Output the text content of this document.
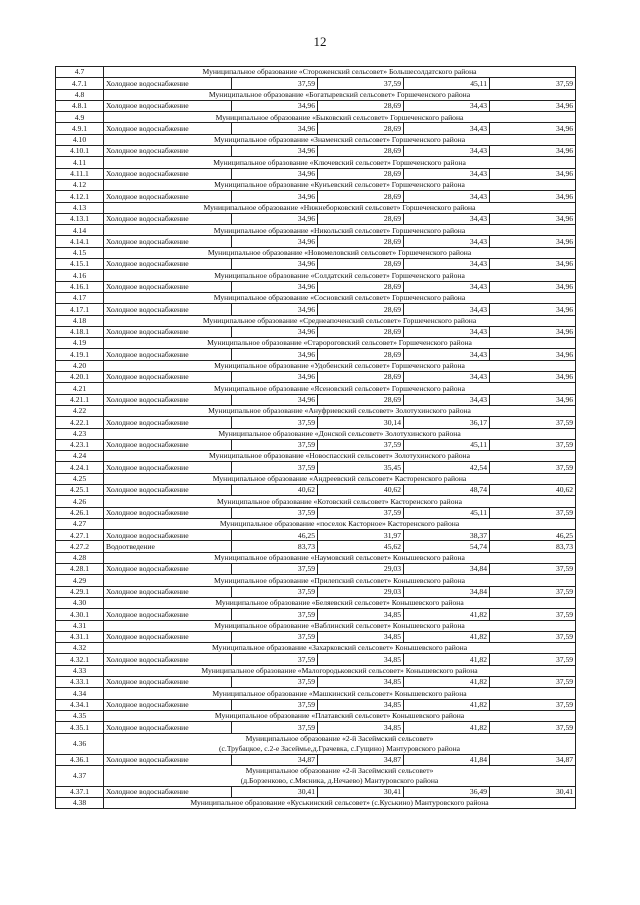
12
4.7	Муниципальное образование «Стороженский сельсовет» Большесолдатского района				
4.7.1	Холодное водоснабжение	37,59	37,59	45,11	37,59
4.8	Муниципальное образование «Богатыревский сельсовет» Горшеченского района				
4.8.1	Холодное водоснабжение	34,96	28,69	34,43	34,96
4.9	Муниципальное образование «Быковский сельсовет» Горшеченского района				
4.9.1	Холодное водоснабжение	34,96	28,69	34,43	34,96
4.10	Муниципальное образование «Знаменский сельсовет» Горшеченского района				
4.10.1	Холодное водоснабжение	34,96	28,69	34,43	34,96
4.11	Муниципальное образование «Ключевский сельсовет» Горшеченского района				
4.11.1	Холодное водоснабжение	34,96	28,69	34,43	34,96
4.12	Муниципальное образование «Кунъевский сельсовет» Горшеченского района				
4.12.1	Холодное водоснабжение	34,96	28,69	34,43	34,96
4.13	Муниципальное образование «Нижнеборковский сельсовет» Горшеченского района				
4.13.1	Холодное водоснабжение	34,96	28,69	34,43	34,96
4.14	Муниципальное образование «Никольский сельсовет» Горшеченского района				
4.14.1	Холодное водоснабжение	34,96	28,69	34,43	34,96
4.15	Муниципальное образование «Новомеловский сельсовет» Горшеченского района				
4.15.1	Холодное водоснабжение	34,96	28,69	34,43	34,96
4.16	Муниципальное образование «Солдатский сельсовет» Горшеченского района				
4.16.1	Холодное водоснабжение	34,96	28,69	34,43	34,96
4.17	Муниципальное образование «Сосновский сельсовет» Горшеченского района				
4.17.1	Холодное водоснабжение	34,96	28,69	34,43	34,96
4.18	Муниципальное образование «Среднеапоченский сельсовет» Горшеченского района				
4.18.1	Холодное водоснабжение	34,96	28,69	34,43	34,96
4.19	Муниципальное образование «Старороговский сельсовет» Горшеченского района				
4.19.1	Холодное водоснабжение	34,96	28,69	34,43	34,96
4.20	Муниципальное образование «Удобенский сельсовет» Горшеченского района				
4.20.1	Холодное водоснабжение	34,96	28,69	34,43	34,96
4.21	Муниципальное образование «Ясеновский сельсовет» Горшеченского района				
4.21.1	Холодное водоснабжение	34,96	28,69	34,43	34,96
4.22	Муниципальное образование «Ануфриевский сельсовет» Золотухинского района				
4.22.1	Холодное водоснабжение	37,59	30,14	36,17	37,59
4.23	Муниципальное образование «Донской сельсовет» Золотухинского района				
4.23.1	Холодное водоснабжение	37,59	37,59	45,11	37,59
4.24	Муниципальное образование «Новоспасский сельсовет» Золотухинского района				
4.24.1	Холодное водоснабжение	37,59	35,45	42,54	37,59
4.25	Муниципальное образование «Андреевский сельсовет» Касторенского района				
4.25.1	Холодное водоснабжение	40,62	40,62	48,74	40,62
4.26	Муниципальное образование «Котовский сельсовет» Касторенского района				
4.26.1	Холодное водоснабжение	37,59	37,59	45,11	37,59
4.27	Муниципальное образование «поселок Касторное» Касторенского района				
4.27.1	Холодное водоснабжение	46,25	31,97	38,37	46,25
4.27.2	Водоотведение	83,73	45,62	54,74	83,73
4.28	Муниципальное образование «Наумовский сельсовет» Конышевского района				
4.28.1	Холодное водоснабжение	37,59	29,03	34,84	37,59
4.29	Муниципальное образование «Прилепский сельсовет» Конышевского района				
4.29.1	Холодное водоснабжение	37,59	29,03	34,84	37,59
4.30	Муниципальное образование «Беляевский сельсовет» Конышевского района				
4.30.1	Холодное водоснабжение	37,59	34,85	41,82	37,59
4.31	Муниципальное образование «Ваблинский сельсовет» Конышевского района				
4.31.1	Холодное водоснабжение	37,59	34,85	41,82	37,59
4.32	Муниципальное образование «Захарковский сельсовет» Конышевского района				
4.32.1	Холодное водоснабжение	37,59	34,85	41,82	37,59
4.33	Муниципальное образование «Малогородьковский сельсовет» Конышевского района				
4.33.1	Холодное водоснабжение	37,59	34,85	41,82	37,59
4.34	Муниципальное образование «Машкинский сельсовет» Конышевского района				
4.34.1	Холодное водоснабжение	37,59	34,85	41,82	37,59
4.35	Муниципальное образование «Платавский сельсовет» Конышевского района				
4.35.1	Холодное водоснабжение	37,59	34,85	41,82	37,59
4.36	Муниципальное образование «2-й Засеймский сельсовет»
(с.Трубацкое, с.2-е Засеймье,д.Грачевка, с.Гущино) Мантуровского района				

4.36.1	Холодное водоснабжение	34,87	34,87	41,84	34,87
4.37	Муниципальное образование «2-й Засеймский сельсовет»
(д.Борзенково, с.Мясникa, д.Нечаево) Мантуровского района				

4.37.1	Холодное водоснабжение	30,41	30,41	36,49	30,41
4.38	Муниципальное образование «Куськинский сельсовет» (с.Куськино) Мантуровского района				
